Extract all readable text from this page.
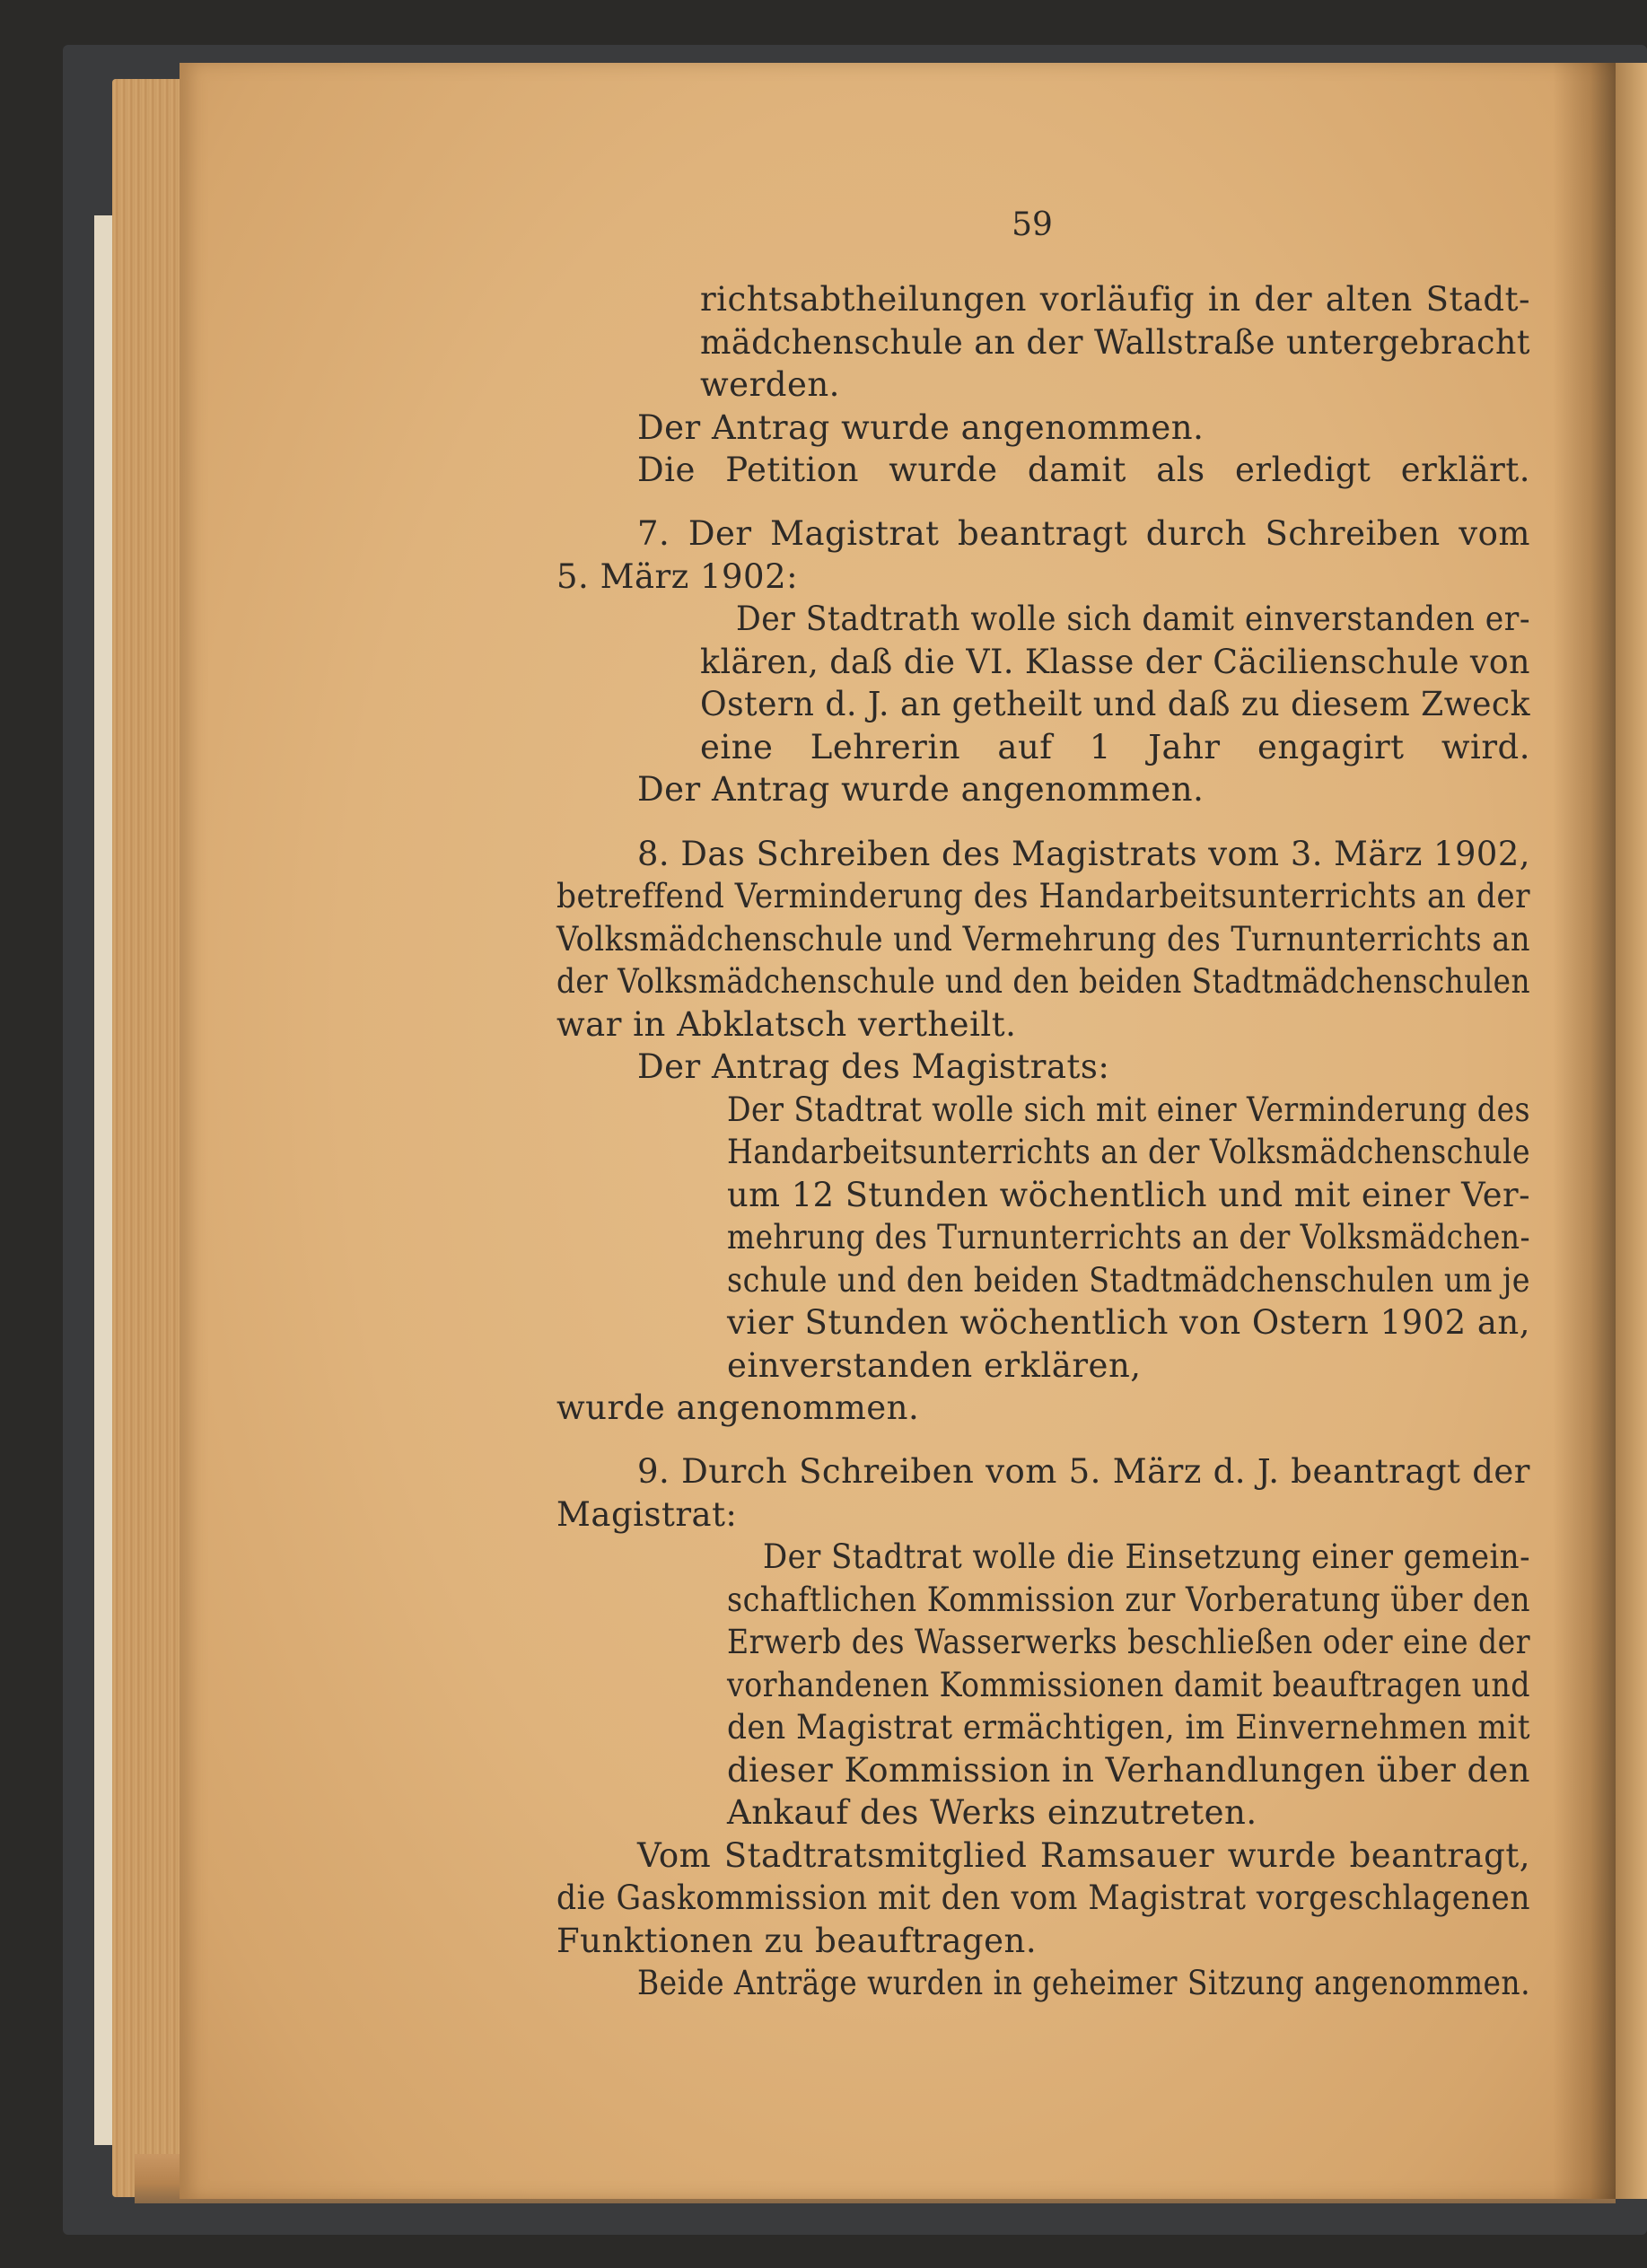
59
richtsabtheilungen vorläufig in der alten Stadt-
mädchenschule an der Wallstraße untergebracht
werden.
Der Antrag wurde angenommen.
Die Petition wurde damit als erledigt erklärt.
7. Der Magistrat beantragt durch Schreiben vom
5. März 1902:
Der Stadtrath wolle sich damit einverstanden er-
klären, daß die VI. Klasse der Cäcilienschule von
Ostern d. J. an getheilt und daß zu diesem Zweck
eine Lehrerin auf 1 Jahr engagirt wird.
Der Antrag wurde angenommen.
8. Das Schreiben des Magistrats vom 3. März 1902,
betreffend Verminderung des Handarbeitsunterrichts an der
Volksmädchenschule und Vermehrung des Turnunterrichts an
der Volksmädchenschule und den beiden Stadtmädchenschulen
war in Abklatsch vertheilt.
Der Antrag des Magistrats:
Der Stadtrat wolle sich mit einer Verminderung des
Handarbeitsunterrichts an der Volksmädchenschule
um 12 Stunden wöchentlich und mit einer Ver-
mehrung des Turnunterrichts an der Volksmädchen-
schule und den beiden Stadtmädchenschulen um je
vier Stunden wöchentlich von Ostern 1902 an,
einverstanden erklären,
wurde angenommen.
9. Durch Schreiben vom 5. März d. J. beantragt der
Magistrat:
Der Stadtrat wolle die Einsetzung einer gemein-
schaftlichen Kommission zur Vorberatung über den
Erwerb des Wasserwerks beschließen oder eine der
vorhandenen Kommissionen damit beauftragen und
den Magistrat ermächtigen, im Einvernehmen mit
dieser Kommission in Verhandlungen über den
Ankauf des Werks einzutreten.
Vom Stadtratsmitglied Ramsauer wurde beantragt,
die Gaskommission mit den vom Magistrat vorgeschlagenen
Funktionen zu beauftragen.
Beide Anträge wurden in geheimer Sitzung angenommen.
